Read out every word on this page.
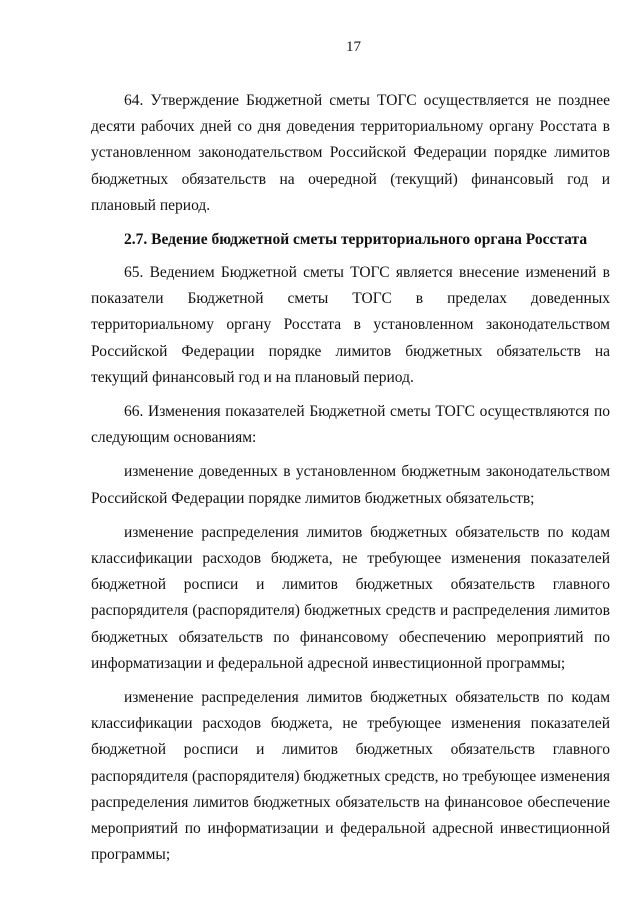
17

64. Утверждение Бюджетной сметы ТОГС осуществляется не позднее десяти рабочих дней со дня доведения территориальному органу Росстата в установленном законодательством Российской Федерации порядке лимитов бюджетных обязательств на очередной (текущий) финансовый год и плановый период.

2.7. Ведение бюджетной сметы территориального органа Росстата

65. Ведением Бюджетной сметы ТОГС является внесение изменений в показатели Бюджетной сметы ТОГС в пределах доведенных территориальному органу Росстата в установленном законодательством Российской Федерации порядке лимитов бюджетных обязательств на текущий финансовый год и на плановый период.

66. Изменения показателей Бюджетной сметы ТОГС осуществляются по следующим основаниям:

изменение доведенных в установленном бюджетным законодательством Российской Федерации порядке лимитов бюджетных обязательств;

изменение распределения лимитов бюджетных обязательств по кодам классификации расходов бюджета, не требующее изменения показателей бюджетной росписи и лимитов бюджетных обязательств главного распорядителя (распорядителя) бюджетных средств и распределения лимитов бюджетных обязательств по финансовому обеспечению мероприятий по информатизации и федеральной адресной инвестиционной программы;

изменение распределения лимитов бюджетных обязательств по кодам классификации расходов бюджета, не требующее изменения показателей бюджетной росписи и лимитов бюджетных обязательств главного распорядителя (распорядителя) бюджетных средств, но требующее изменения распределения лимитов бюджетных обязательств на финансовое обеспечение мероприятий по информатизации и федеральной адресной инвестиционной программы;
